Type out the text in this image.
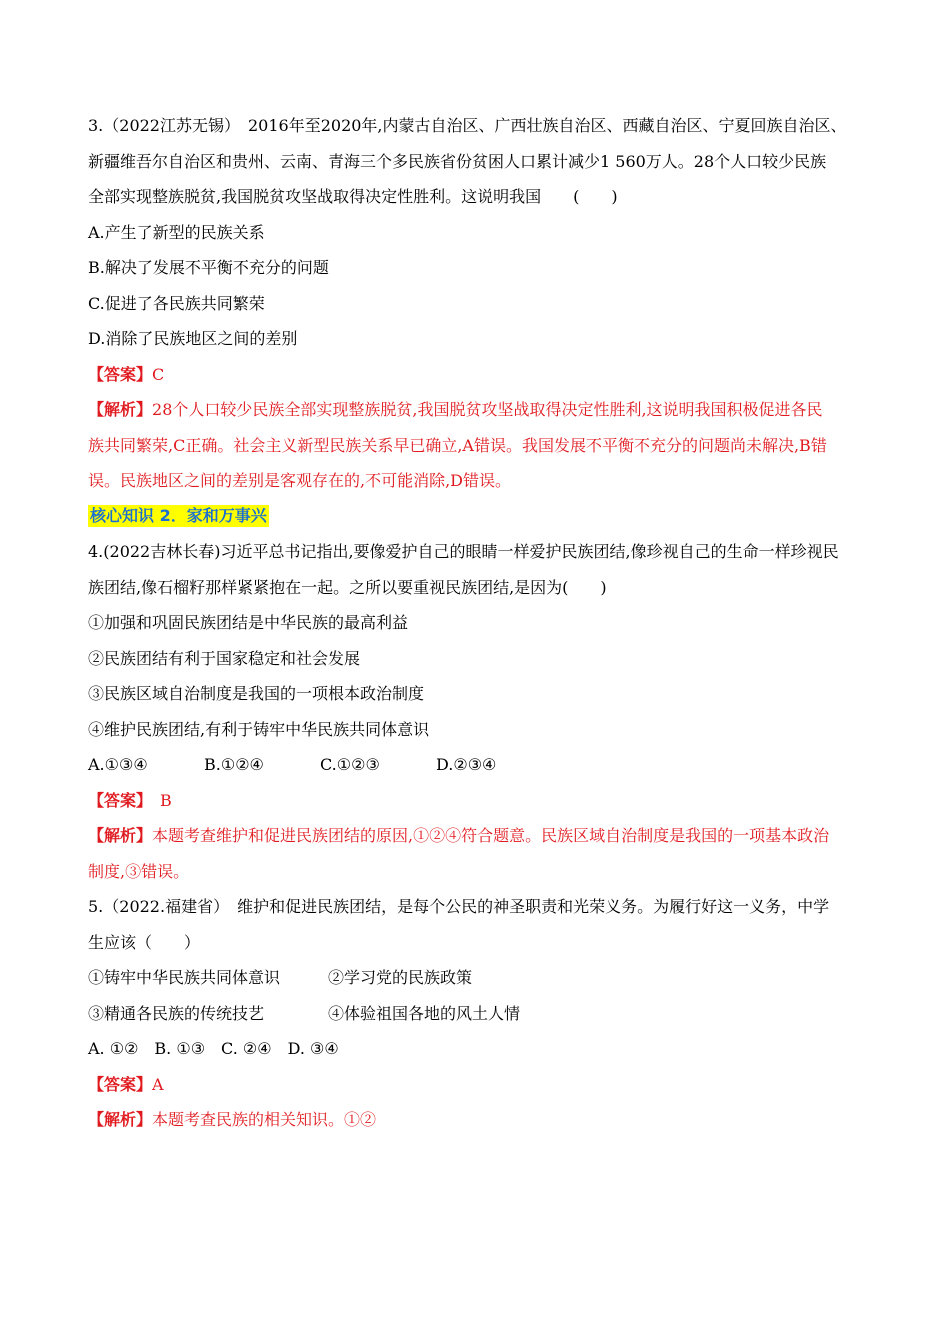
3.（2022江苏无锡）　2016年至2020年,内蒙古自治区、广西壮族自治区、西藏自治区、宁夏回族自治区、
新疆维吾尔自治区和贵州、云南、青海三个多民族省份贫困人口累计减少1 560万人。28个人口较少民族
全部实现整族脱贫,我国脱贫攻坚战取得决定性胜利。这说明我国　　(　　)
A.产生了新型的民族关系
B.解决了发展不平衡不充分的问题
C.促进了各民族共同繁荣
D.消除了民族地区之间的差别
【答案】C
【解析】28个人口较少民族全部实现整族脱贫,我国脱贫攻坚战取得决定性胜利,这说明我国积极促进各民
族共同繁荣,C正确。社会主义新型民族关系早已确立,A错误。我国发展不平衡不充分的问题尚未解决,B错
误。民族地区之间的差别是客观存在的,不可能消除,D错误。
核心知识 2．家和万事兴
4.(2022吉林长春)习近平总书记指出,要像爱护自己的眼睛一样爱护民族团结,像珍视自己的生命一样珍视民
族团结,像石榴籽那样紧紧抱在一起。之所以要重视民族团结,是因为(　　)
①加强和巩固民族团结是中华民族的最高利益
②民族团结有利于国家稳定和社会发展
③民族区域自治制度是我国的一项根本政治制度
④维护民族团结,有利于铸牢中华民族共同体意识
A.①③④	B.①②④	C.①②③	D.②③④
【答案】　B
【解析】本题考查维护和促进民族团结的原因,①②④符合题意。民族区域自治制度是我国的一项基本政治
制度,③错误。
5.（2022.福建省）　维护和促进民族团结，是每个公民的神圣职责和光荣义务。为履行好这一义务，中学
生应该（　　）
①铸牢中华民族共同体意识	②学习党的民族政策
③精通各民族的传统技艺	④体验祖国各地的风土人情
A. ①②　B. ①③　C. ②④　D. ③④
【答案】A
【解析】本题考查民族的相关知识。①②
